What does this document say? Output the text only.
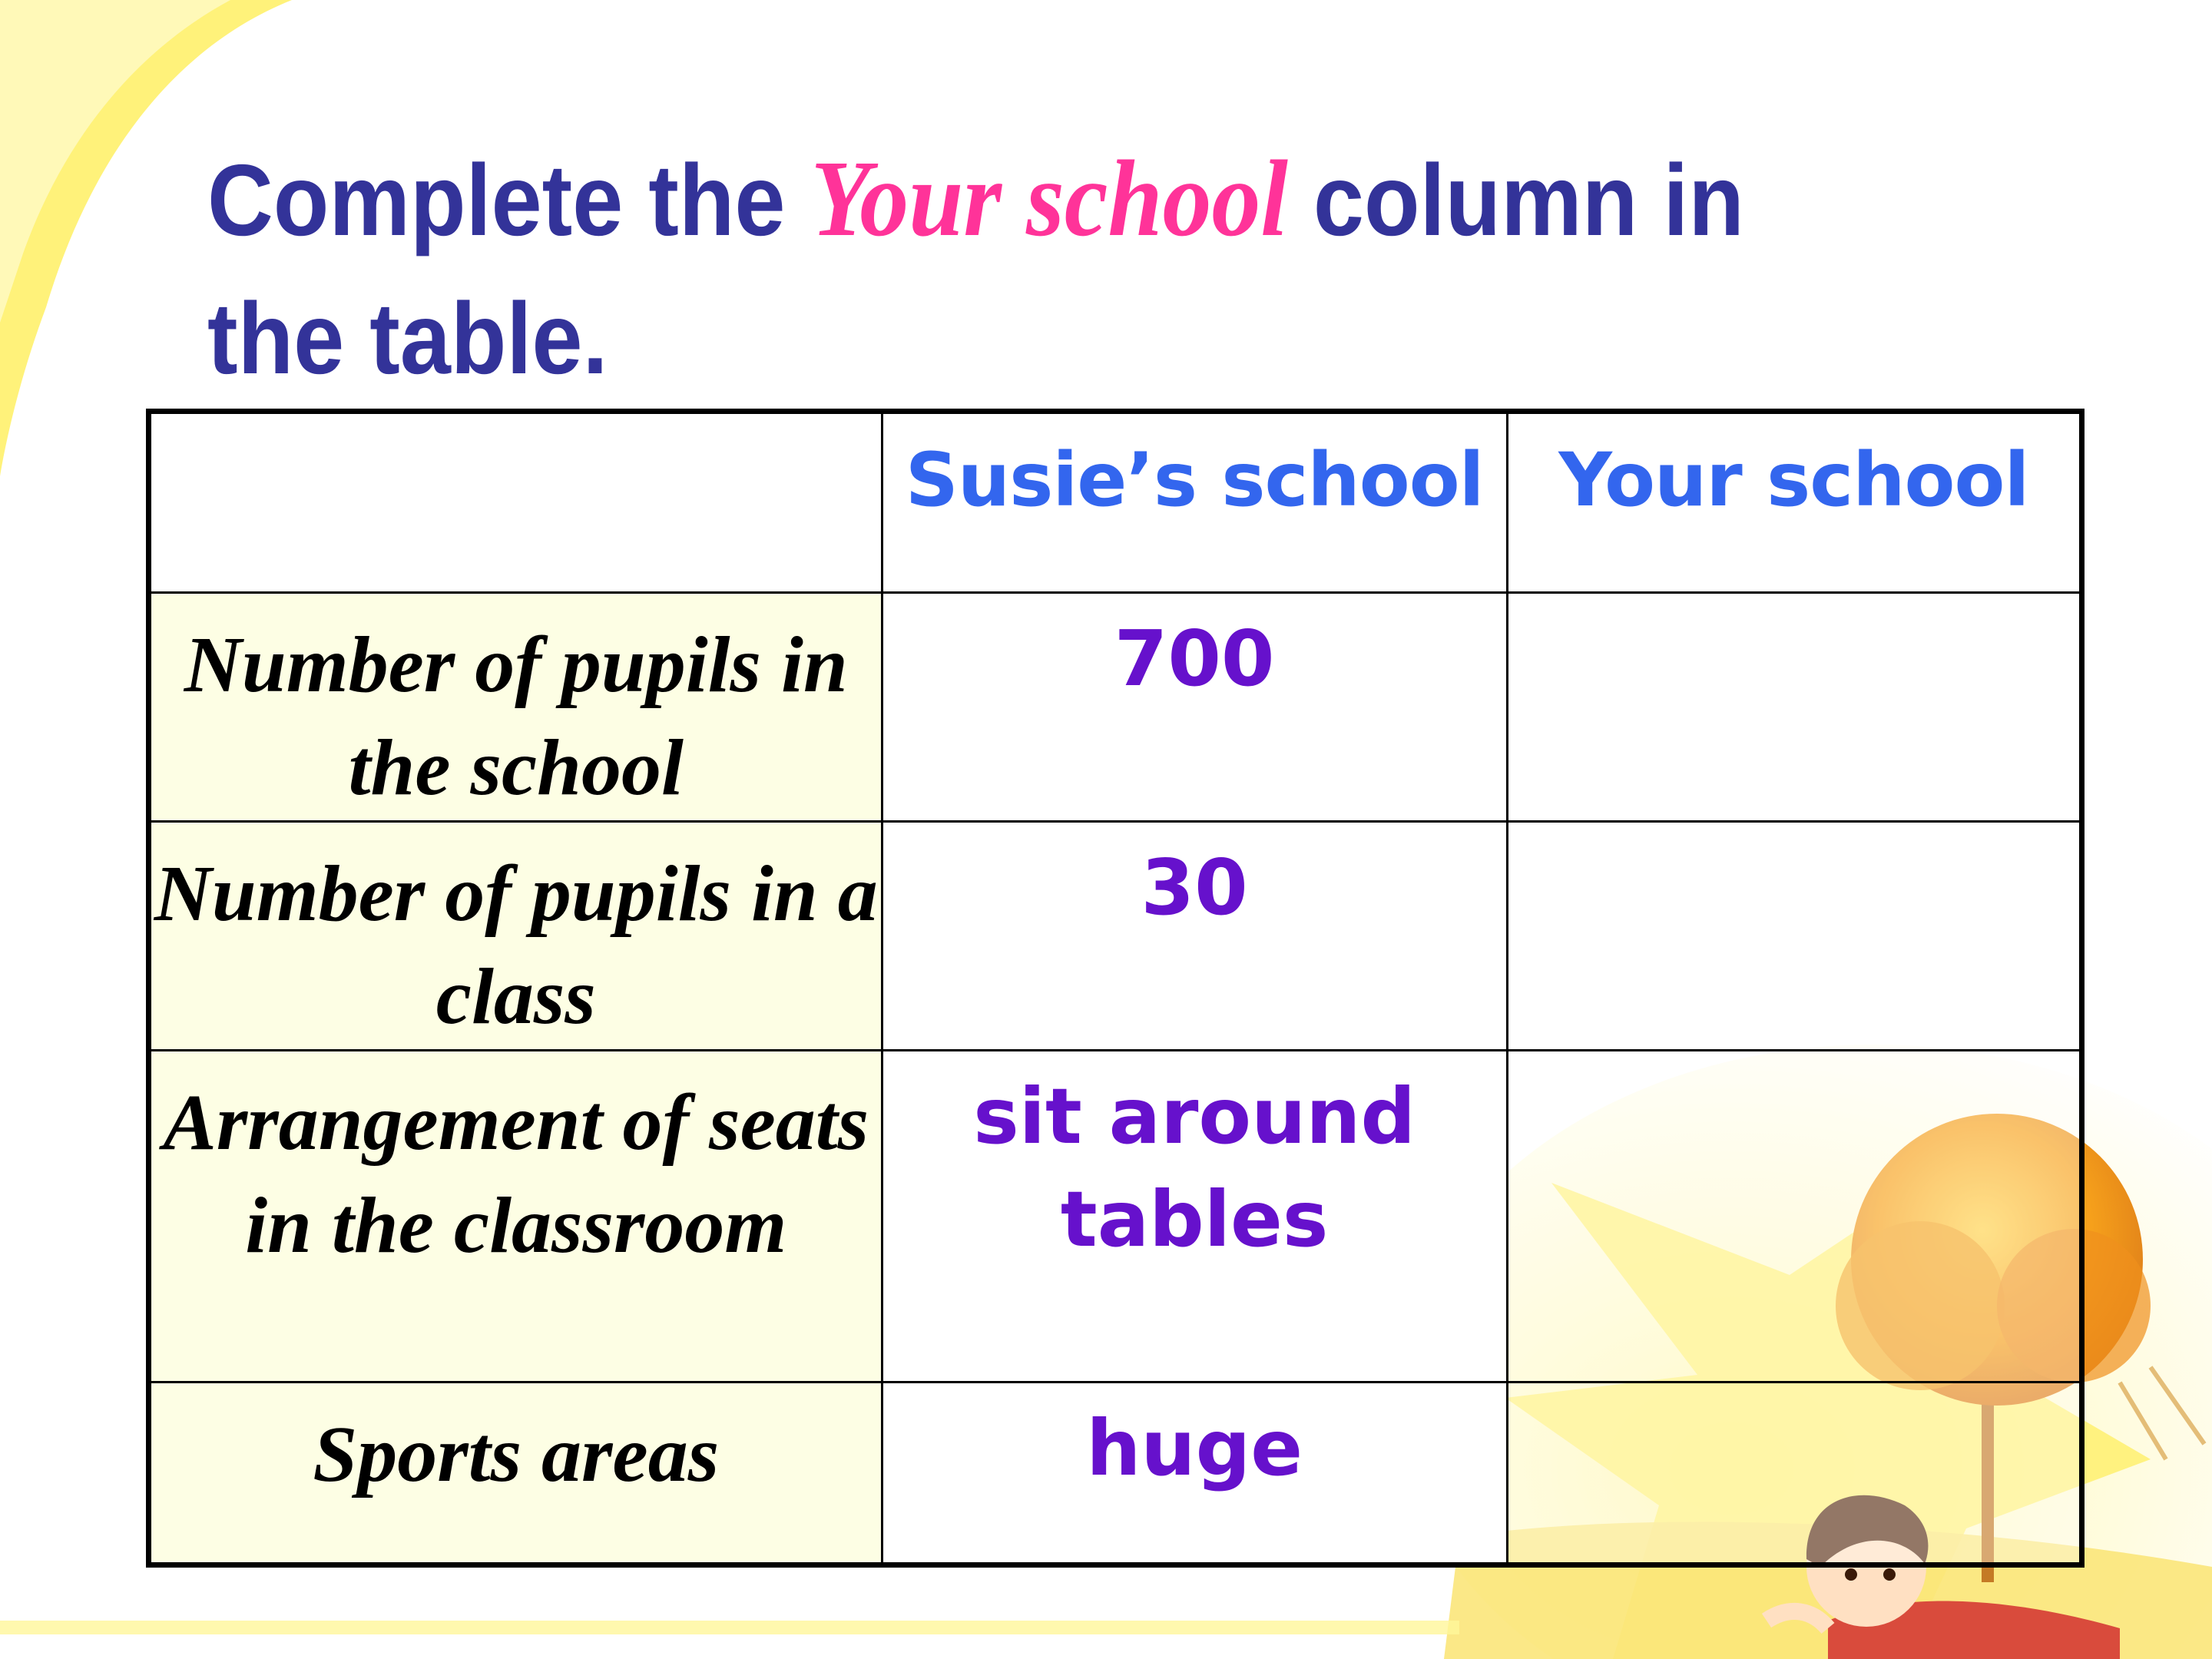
Complete the Your school column in the table.

	Susie’s school	Your school

Number of pupils in the school	700	

Number of pupils in a class	30	

Arrangement of seats in the classroom	sit around tables	

Sports areas	huge	
